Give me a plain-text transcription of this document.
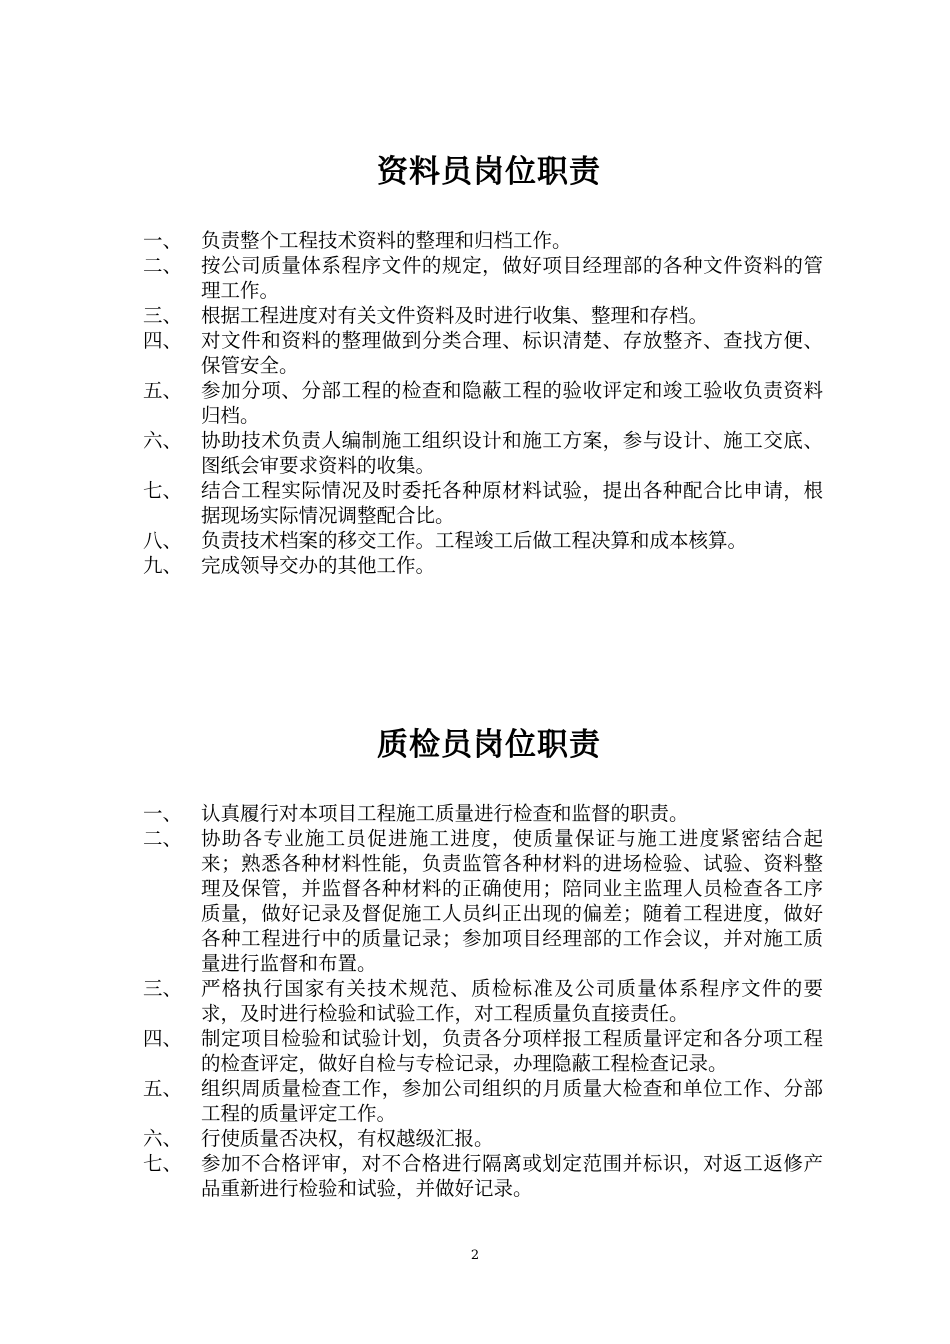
资料员岗位职责
一、 负责整个工程技术资料的整理和归档工作。
二、 按公司质量体系程序文件的规定，做好项目经理部的各种文件资料的管理工作。
三、 根据工程进度对有关文件资料及时进行收集、整理和存档。
四、 对文件和资料的整理做到分类合理、标识清楚、存放整齐、查找方便、保管安全。
五、 参加分项、分部工程的检查和隐蔽工程的验收评定和竣工验收负责资料归档。
六、 协助技术负责人编制施工组织设计和施工方案，参与设计、施工交底、图纸会审要求资料的收集。
七、 结合工程实际情况及时委托各种原材料试验，提出各种配合比申请，根据现场实际情况调整配合比。
八、 负责技术档案的移交工作。工程竣工后做工程决算和成本核算。
九、 完成领导交办的其他工作。
质检员岗位职责
一、 认真履行对本项目工程施工质量进行检查和监督的职责。
二、 协助各专业施工员促进施工进度，使质量保证与施工进度紧密结合起来；熟悉各种材料性能，负责监管各种材料的进场检验、试验、资料整理及保管，并监督各种材料的正确使用；陪同业主监理人员检查各工序质量，做好记录及督促施工人员纠正出现的偏差；随着工程进度，做好各种工程进行中的质量记录；参加项目经理部的工作会议，并对施工质量进行监督和布置。
三、 严格执行国家有关技术规范、质检标准及公司质量体系程序文件的要求，及时进行检验和试验工作，对工程质量负直接责任。
四、 制定项目检验和试验计划，负责各分项样报工程质量评定和各分项工程的检查评定，做好自检与专检记录，办理隐蔽工程检查记录。
五、 组织周质量检查工作，参加公司组织的月质量大检查和单位工作、分部工程的质量评定工作。
六、 行使质量否决权，有权越级汇报。
七、 参加不合格评审，对不合格进行隔离或划定范围并标识，对返工返修产品重新进行检验和试验，并做好记录。
2
